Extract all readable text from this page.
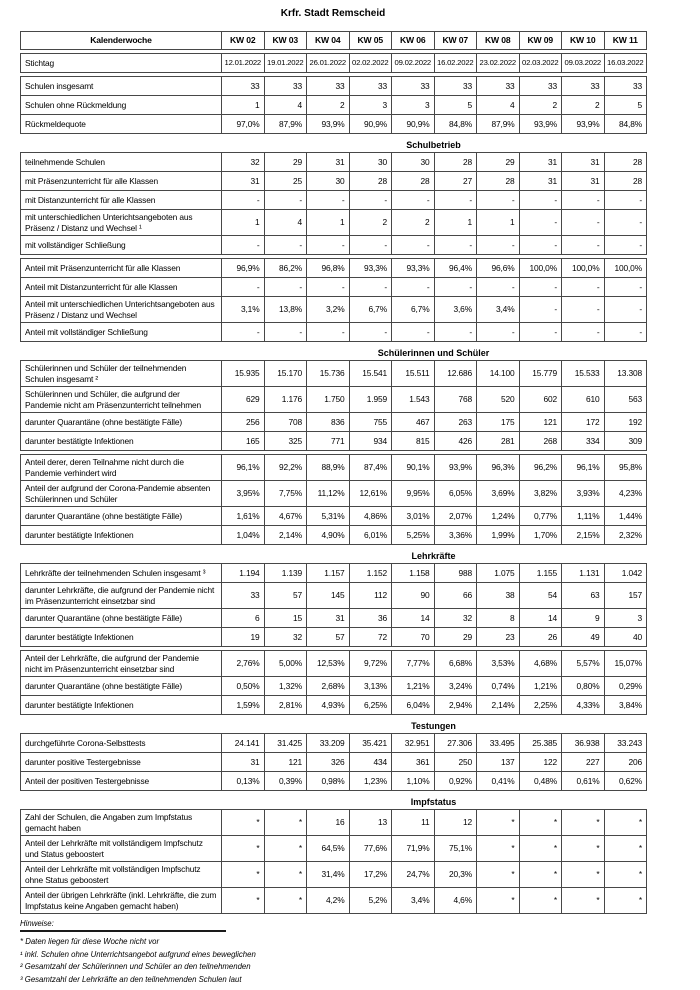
Krfr. Stadt Remscheid
Kalenderwoche	KW 02	KW 03	KW 04	KW 05	KW 06	KW 07	KW 08	KW 09	KW 10	KW 11
Stichtag	12.01.2022	19.01.2022	26.01.2022	02.02.2022	09.02.2022	16.02.2022	23.02.2022	02.03.2022	09.03.2022	16.03.2022
Schulen insgesamt	33	33	33	33	33	33	33	33	33	33
Schulen ohne Rückmeldung	1	4	2	3	3	5	4	2	2	5
Rückmeldequote	97,0%	87,9%	93,9%	90,9%	90,9%	84,8%	87,9%	93,9%	93,9%	84,8%
Schulbetrieb
teilnehmende Schulen	32	29	31	30	30	28	29	31	31	28
mit Präsenzunterricht für alle Klassen	31	25	30	28	28	27	28	31	31	28
mit Distanzunterricht für alle Klassen	-	-	-	-	-	-	-	-	-	-
mit unterschiedlichen Unterichtsangeboten aus Präsenz / Distanz und Wechsel ¹	1	4	1	2	2	1	1	-	-	-
mit vollständiger Schließung	-	-	-	-	-	-	-	-	-	-
Anteil mit Präsenzunterricht für alle Klassen	96,9%	86,2%	96,8%	93,3%	93,3%	96,4%	96,6%	100,0%	100,0%	100,0%
Anteil mit Distanzunterricht für alle Klassen	-	-	-	-	-	-	-	-	-	-
Anteil mit unterschiedlichen Unterichtsangeboten aus Präsenz / Distanz und Wechsel	3,1%	13,8%	3,2%	6,7%	6,7%	3,6%	3,4%	-	-	-
Anteil mit vollständiger Schließung	-	-	-	-	-	-	-	-	-	-
Schülerinnen und Schüler
Schülerinnen und Schüler der teilnehmenden Schulen insgesamt ²	15.935	15.170	15.736	15.541	15.511	12.686	14.100	15.779	15.533	13.308
Schülerinnen und Schüler, die aufgrund der Pandemie nicht am Präsenzunterricht teilnehmen	629	1.176	1.750	1.959	1.543	768	520	602	610	563
darunter Quarantäne (ohne bestätigte Fälle)	256	708	836	755	467	263	175	121	172	192
darunter bestätigte Infektionen	165	325	771	934	815	426	281	268	334	309
Anteil derer, deren Teilnahme nicht durch die Pandemie verhindert wird	96,1%	92,2%	88,9%	87,4%	90,1%	93,9%	96,3%	96,2%	96,1%	95,8%
Anteil der aufgrund der Corona-Pandemie absenten Schülerinnen und Schüler	3,95%	7,75%	11,12%	12,61%	9,95%	6,05%	3,69%	3,82%	3,93%	4,23%
darunter Quarantäne (ohne bestätigte Fälle)	1,61%	4,67%	5,31%	4,86%	3,01%	2,07%	1,24%	0,77%	1,11%	1,44%
darunter bestätigte Infektionen	1,04%	2,14%	4,90%	6,01%	5,25%	3,36%	1,99%	1,70%	2,15%	2,32%
Lehrkräfte
Lehrkräfte der teilnehmenden Schulen insgesamt ³	1.194	1.139	1.157	1.152	1.158	988	1.075	1.155	1.131	1.042
darunter Lehrkräfte, die aufgrund der Pandemie nicht im Präsenzunterricht einsetzbar sind	33	57	145	112	90	66	38	54	63	157
darunter Quarantäne (ohne bestätigte Fälle)	6	15	31	36	14	32	8	14	9	3
darunter bestätigte Infektionen	19	32	57	72	70	29	23	26	49	40
Anteil der Lehrkräfte, die aufgrund der Pandemie nicht im Präsenzunterricht einsetzbar sind	2,76%	5,00%	12,53%	9,72%	7,77%	6,68%	3,53%	4,68%	5,57%	15,07%
darunter Quarantäne (ohne bestätigte Fälle)	0,50%	1,32%	2,68%	3,13%	1,21%	3,24%	0,74%	1,21%	0,80%	0,29%
darunter bestätigte Infektionen	1,59%	2,81%	4,93%	6,25%	6,04%	2,94%	2,14%	2,25%	4,33%	3,84%
Testungen
durchgeführte Corona-Selbsttests	24.141	31.425	33.209	35.421	32.951	27.306	33.495	25.385	36.938	33.243
darunter positive Testergebnisse	31	121	326	434	361	250	137	122	227	206
Anteil der positiven Testergebnisse	0,13%	0,39%	0,98%	1,23%	1,10%	0,92%	0,41%	0,48%	0,61%	0,62%
Impfstatus
Zahl der Schulen, die Angaben zum Impfstatus gemacht haben	*	*	16	13	11	12	*	*	*	*
Anteil der Lehrkräfte mit vollständigem Impfschutz und Status geboostert	*	*	64,5%	77,6%	71,9%	75,1%	*	*	*	*
Anteil der Lehrkräfte mit vollständigen Impfschutz ohne Status geboostert	*	*	31,4%	17,2%	24,7%	20,3%	*	*	*	*
Anteil der übrigen Lehrkräfte (inkl. Lehrkräfte, die zum Impfstatus keine Angaben gemacht haben)	*	*	4,2%	5,2%	3,4%	4,6%	*	*	*	*
Hinweise:
* Daten liegen für diese Woche nicht vor
¹ inkl. Schulen ohne Unterrichtsangebot aufgrund eines beweglichen
² Gesamtzahl der Schülerinnen und Schüler an den teilnehmenden
³ Gesamtzahl der Lehrkräfte an den teilnehmenden Schulen laut
